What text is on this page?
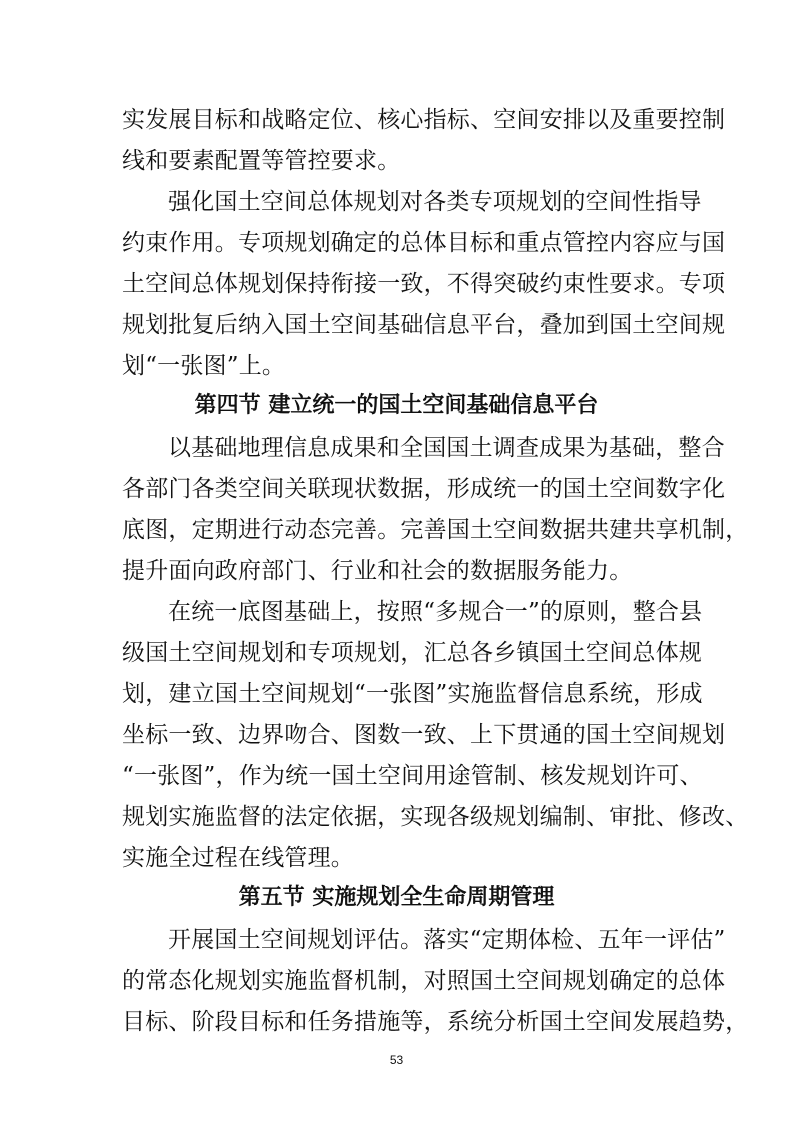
实发展目标和战略定位、核心指标、空间安排以及重要控制
线和要素配置等管控要求。
强化国土空间总体规划对各类专项规划的空间性指导
约束作用。专项规划确定的总体目标和重点管控内容应与国
土空间总体规划保持衔接一致，不得突破约束性要求。专项
规划批复后纳入国土空间基础信息平台，叠加到国土空间规
划“一张图”上。
第四节 建立统一的国土空间基础信息平台
以基础地理信息成果和全国国土调查成果为基础，整合
各部门各类空间关联现状数据，形成统一的国土空间数字化
底图，定期进行动态完善。完善国土空间数据共建共享机制，
提升面向政府部门、行业和社会的数据服务能力。
在统一底图基础上，按照“多规合一”的原则，整合县
级国土空间规划和专项规划，汇总各乡镇国土空间总体规
划，建立国土空间规划“一张图”实施监督信息系统，形成
坐标一致、边界吻合、图数一致、上下贯通的国土空间规划
“一张图”，作为统一国土空间用途管制、核发规划许可、
规划实施监督的法定依据，实现各级规划编制、审批、修改、
实施全过程在线管理。
第五节 实施规划全生命周期管理
开展国土空间规划评估。落实“定期体检、五年一评估”
的常态化规划实施监督机制，对照国土空间规划确定的总体
目标、阶段目标和任务措施等，系统分析国土空间发展趋势，
53
